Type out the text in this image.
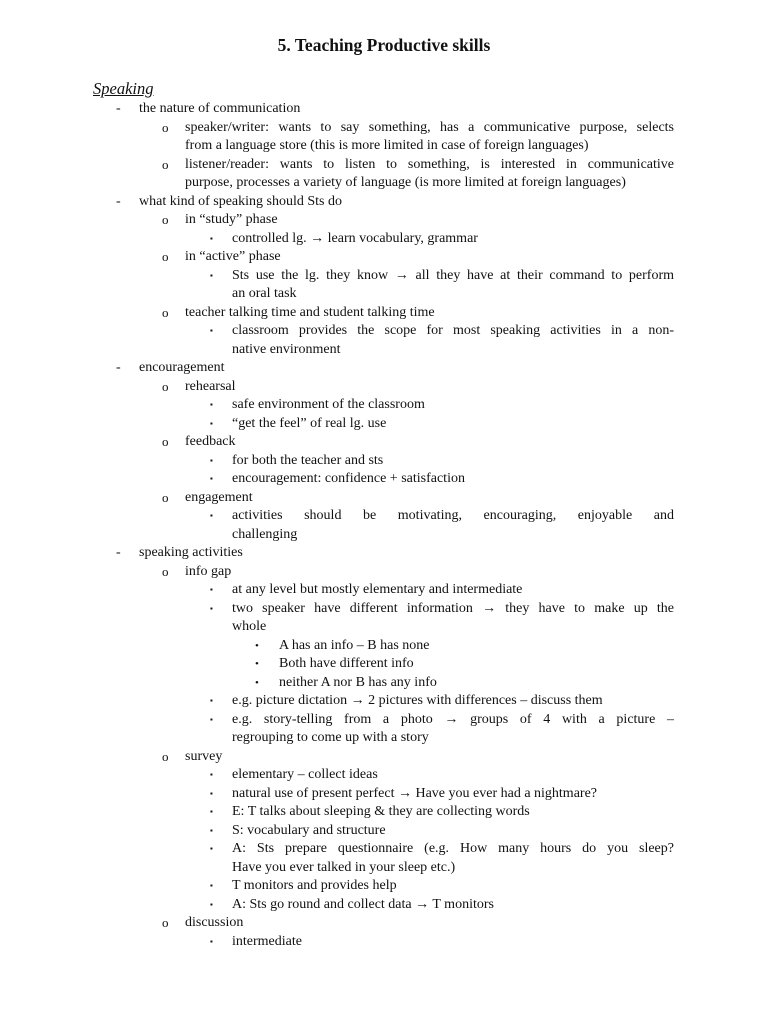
5. Teaching Productive skills
Speaking
- the nature of communication
o speaker/writer: wants to say something, has a communicative purpose, selects
from a language store (this is more limited in case of foreign languages)
o listener/reader: wants to listen to something, is interested in communicative
purpose, processes a variety of language (is more limited at foreign languages)
- what kind of speaking should Sts do
o in “study” phase
▪ controlled lg. → learn vocabulary, grammar
o in “active” phase
▪ Sts use the lg. they know → all they have at their command to perform
an oral task
o teacher talking time and student talking time
▪ classroom provides the scope for most speaking activities in a non-
native environment
- encouragement
o rehearsal
▪ safe environment of the classroom
▪ “get the feel” of real lg. use
o feedback
▪ for both the teacher and sts
▪ encouragement: confidence + satisfaction
o engagement
▪ activities should be motivating, encouraging, enjoyable and
challenging
- speaking activities
o info gap
▪ at any level but mostly elementary and intermediate
▪ two speaker have different information → they have to make up the
whole
• A has an info – B has none
• Both have different info
• neither A nor B has any info
▪ e.g. picture dictation → 2 pictures with differences – discuss them
▪ e.g. story-telling from a photo → groups of 4 with a picture –
regrouping to come up with a story
o survey
▪ elementary – collect ideas
▪ natural use of present perfect → Have you ever had a nightmare?
▪ E: T talks about sleeping & they are collecting words
▪ S: vocabulary and structure
▪ A: Sts prepare questionnaire (e.g. How many hours do you sleep?
Have you ever talked in your sleep etc.)
▪ T monitors and provides help
▪ A: Sts go round and collect data → T monitors
o discussion
▪ intermediate
